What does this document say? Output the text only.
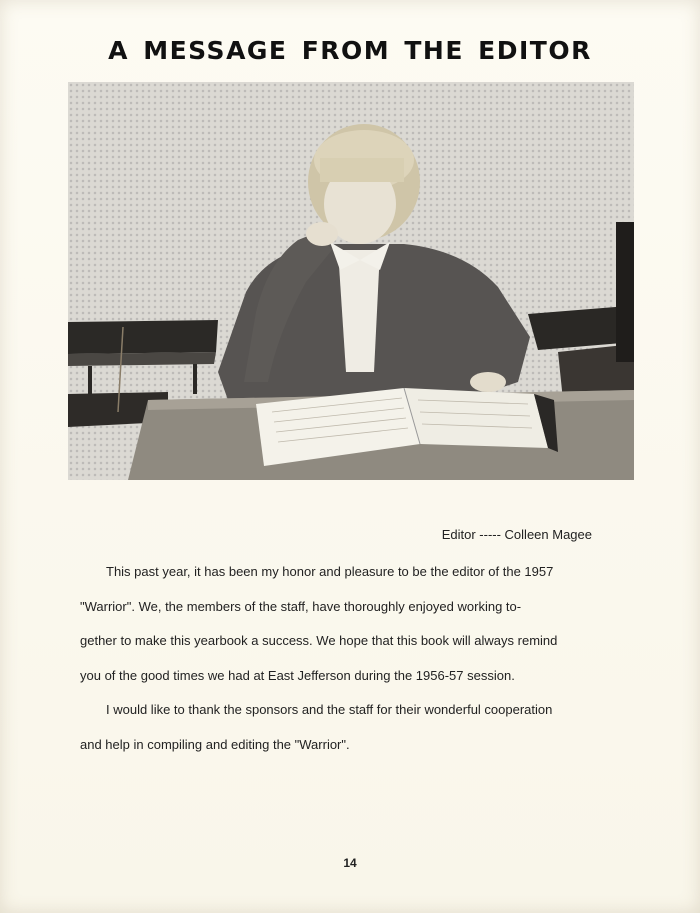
A MESSAGE FROM THE EDITOR
Editor ----- Colleen Magee
This past year, it has been my honor and pleasure to be the editor of the 1957
"Warrior". We, the members of the staff, have thoroughly enjoyed working to-
gether to make this yearbook a success. We hope that this book will always remind
you of the good times we had at East Jefferson during the 1956-57 session.
I would like to thank the sponsors and the staff for their wonderful cooperation
and help in compiling and editing the "Warrior".
14
